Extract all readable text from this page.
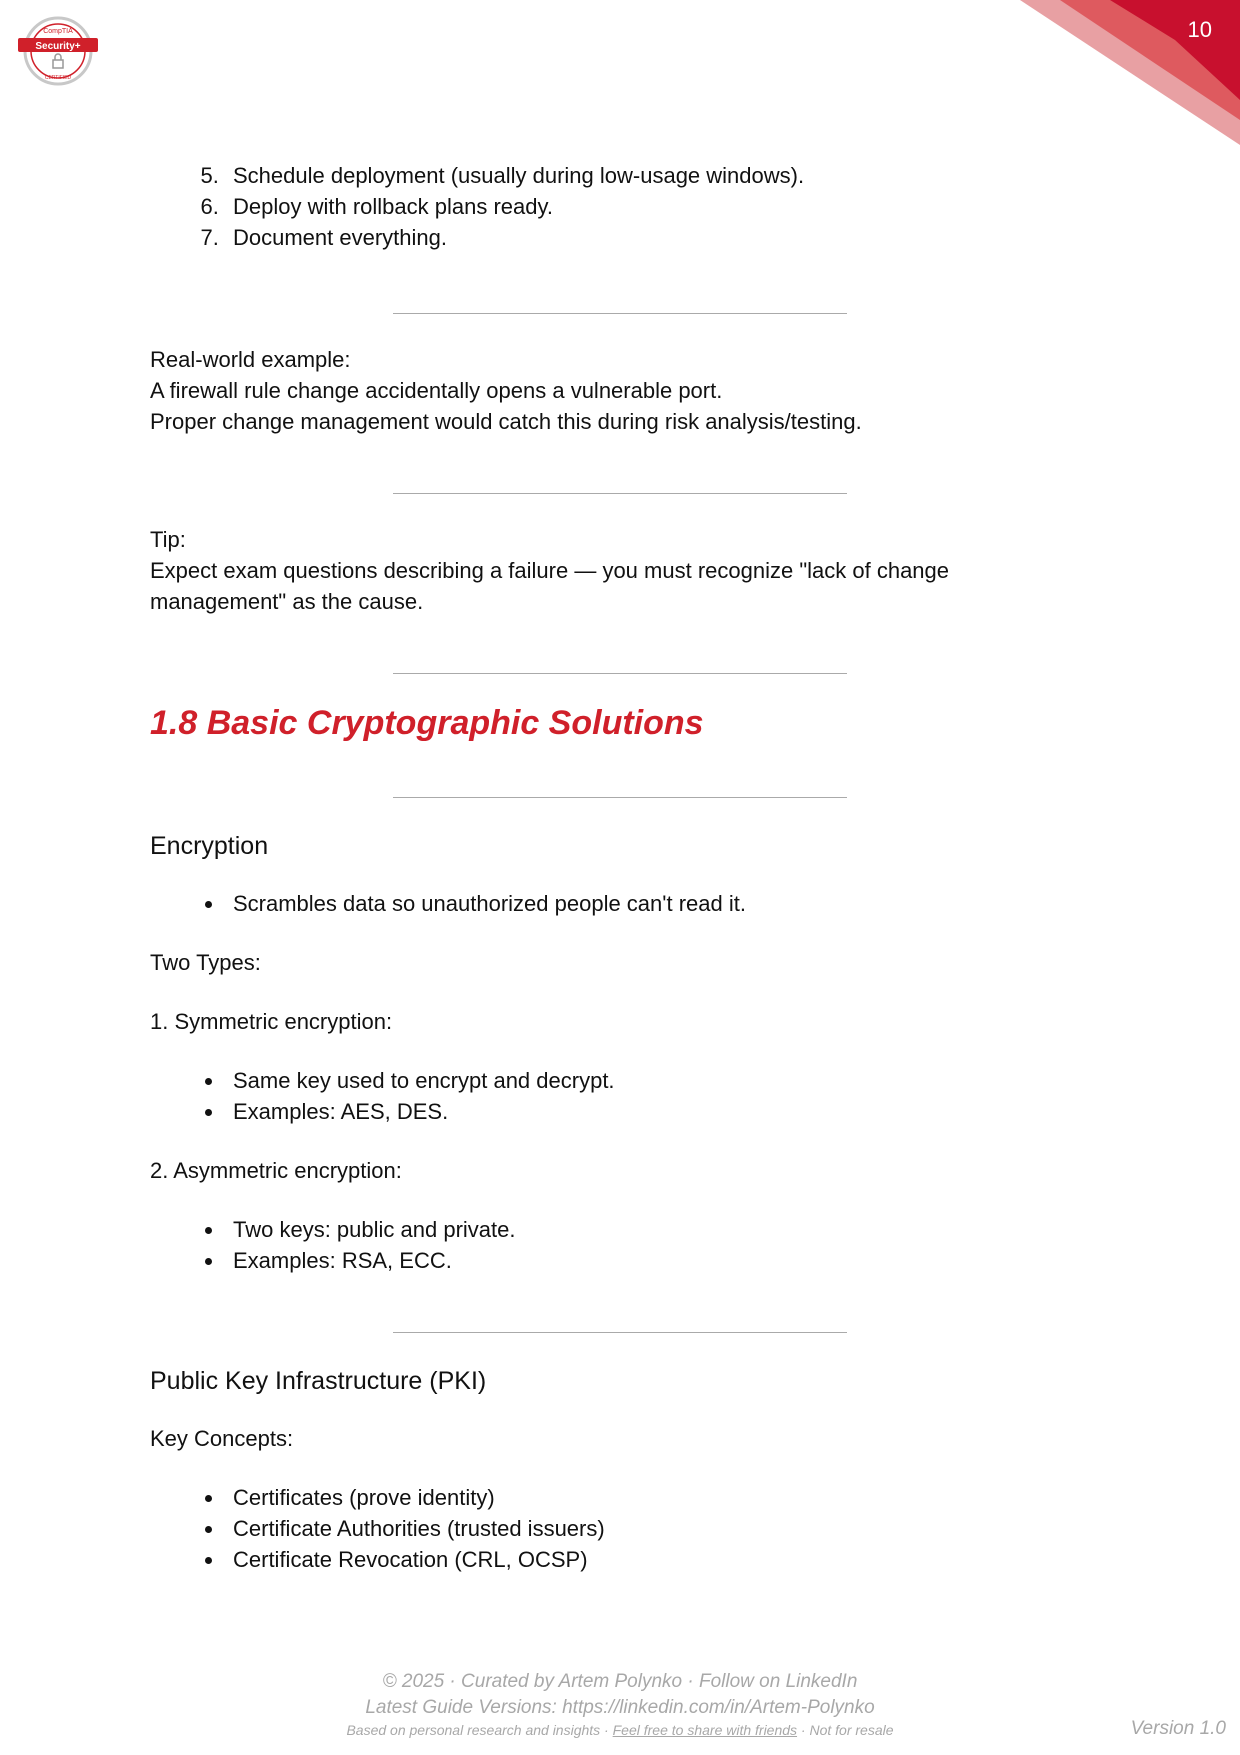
10
CompTIA
Security+
CERTIFIED
5. Schedule deployment (usually during low-usage windows).
6. Deploy with rollback plans ready.
7. Document everything.

Real-world example:

A firewall rule change accidentally opens a vulnerable port.

Proper change management would catch this during risk analysis/testing.

Tip:

Expect exam questions describing a failure — you must recognize "lack of change management" as the cause.

1.8 Basic Cryptographic Solutions
Encryption
• Scrambles data so unauthorized people can't read it.

Two Types:

1. Symmetric encryption:

• Same key used to encrypt and decrypt.
• Examples: AES, DES.

2. Asymmetric encryption:

• Two keys: public and private.
• Examples: RSA, ECC.
Public Key Infrastructure (PKI)

Key Concepts:

• Certificates (prove identity)
• Certificate Authorities (trusted issuers)
• Certificate Revocation (CRL, OCSP)
© 2025 · Curated by Artem Polynko · Follow on LinkedIn
Latest Guide Versions: https://linkedin.com/in/Artem-Polynko
Based on personal research and insights · Feel free to share with friends · Not for resale	Version 1.0
